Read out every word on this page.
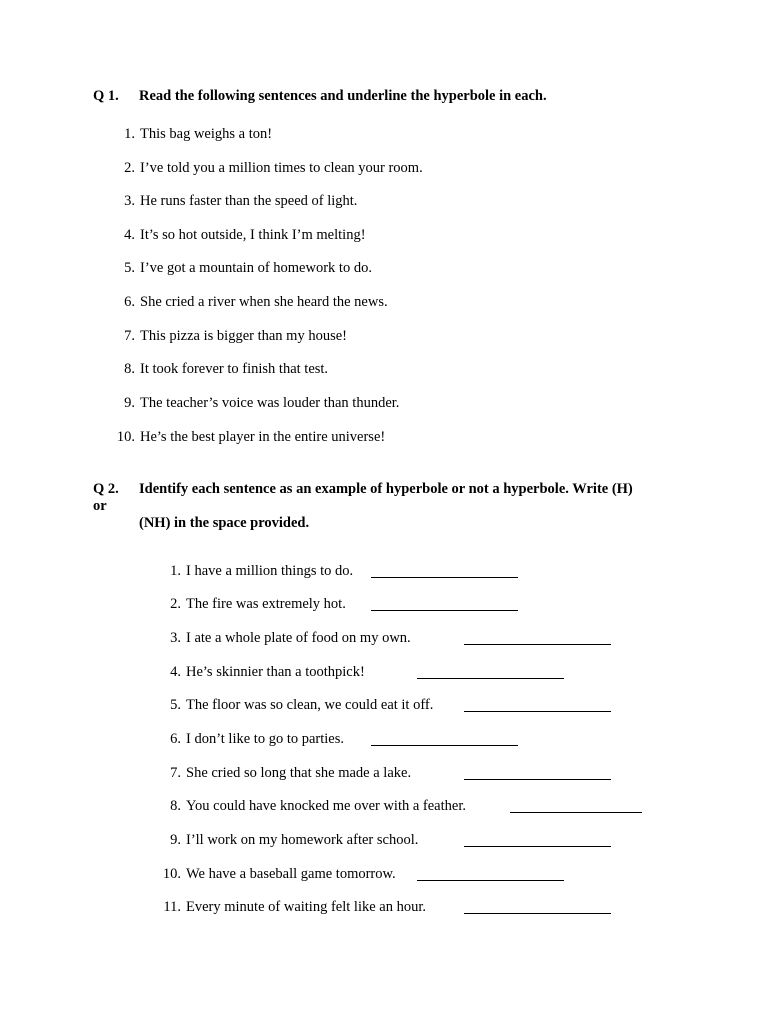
Q 1. Read the following sentences and underline the hyperbole in each.
1. This bag weighs a ton!
2. I’ve told you a million times to clean your room.
3. He runs faster than the speed of light.
4. It’s so hot outside, I think I’m melting!
5. I’ve got a mountain of homework to do.
6. She cried a river when she heard the news.
7. This pizza is bigger than my house!
8. It took forever to finish that test.
9. The teacher’s voice was louder than thunder.
10. He’s the best player in the entire universe!
Q 2. Identify each sentence as an example of hyperbole or not a hyperbole. Write (H)
or
(NH) in the space provided.
1. I have a million things to do.
2. The fire was extremely hot.
3. I ate a whole plate of food on my own.
4. He’s skinnier than a toothpick!
5. The floor was so clean, we could eat it off.
6. I don’t like to go to parties.
7. She cried so long that she made a lake.
8. You could have knocked me over with a feather.
9. I’ll work on my homework after school.
10. We have a baseball game tomorrow.
11. Every minute of waiting felt like an hour.
